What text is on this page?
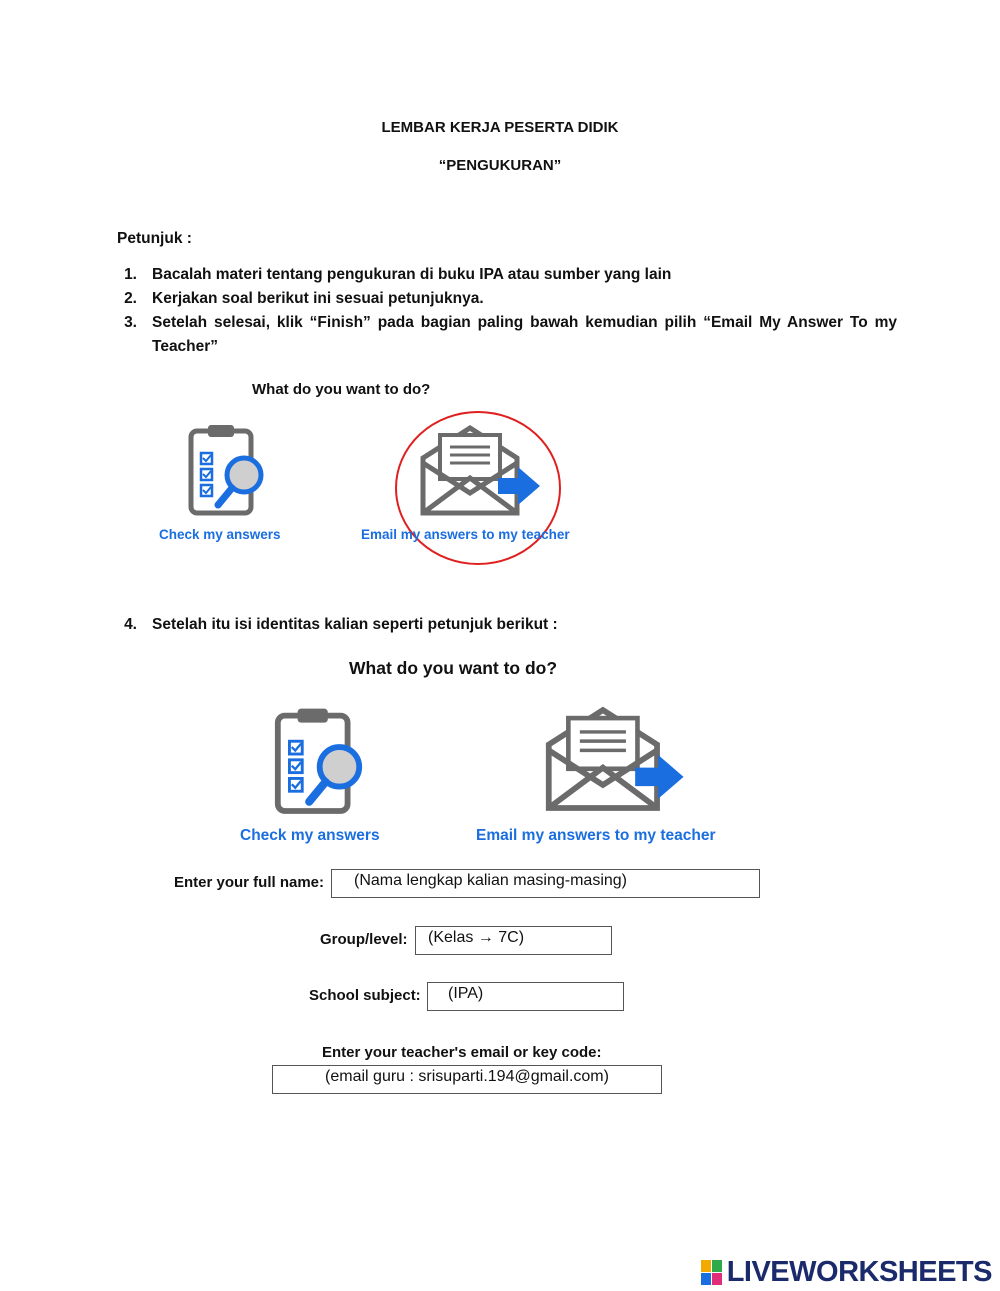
LEMBAR KERJA PESERTA DIDIK
“PENGUKURAN”
Petunjuk :
1. Bacalah materi tentang pengukuran di buku IPA atau sumber yang lain
2. Kerjakan soal berikut ini sesuai petunjuknya.
3. Setelah selesai, klik “Finish” pada bagian paling bawah kemudian pilih “Email My Answer To my Teacher”
What do you want to do?
Check my answers	Email my answers to my teacher
4. Setelah itu isi identitas kalian seperti petunjuk berikut :
What do you want to do?
Check my answers	Email my answers to my teacher
Enter your full name:	(Nama lengkap kalian masing-masing)
Group/level:	(Kelas → 7C)
School subject:	(IPA)
Enter your teacher's email or key code:
(email guru : srisuparti.194@gmail.com)
LIVEWORKSHEETS
